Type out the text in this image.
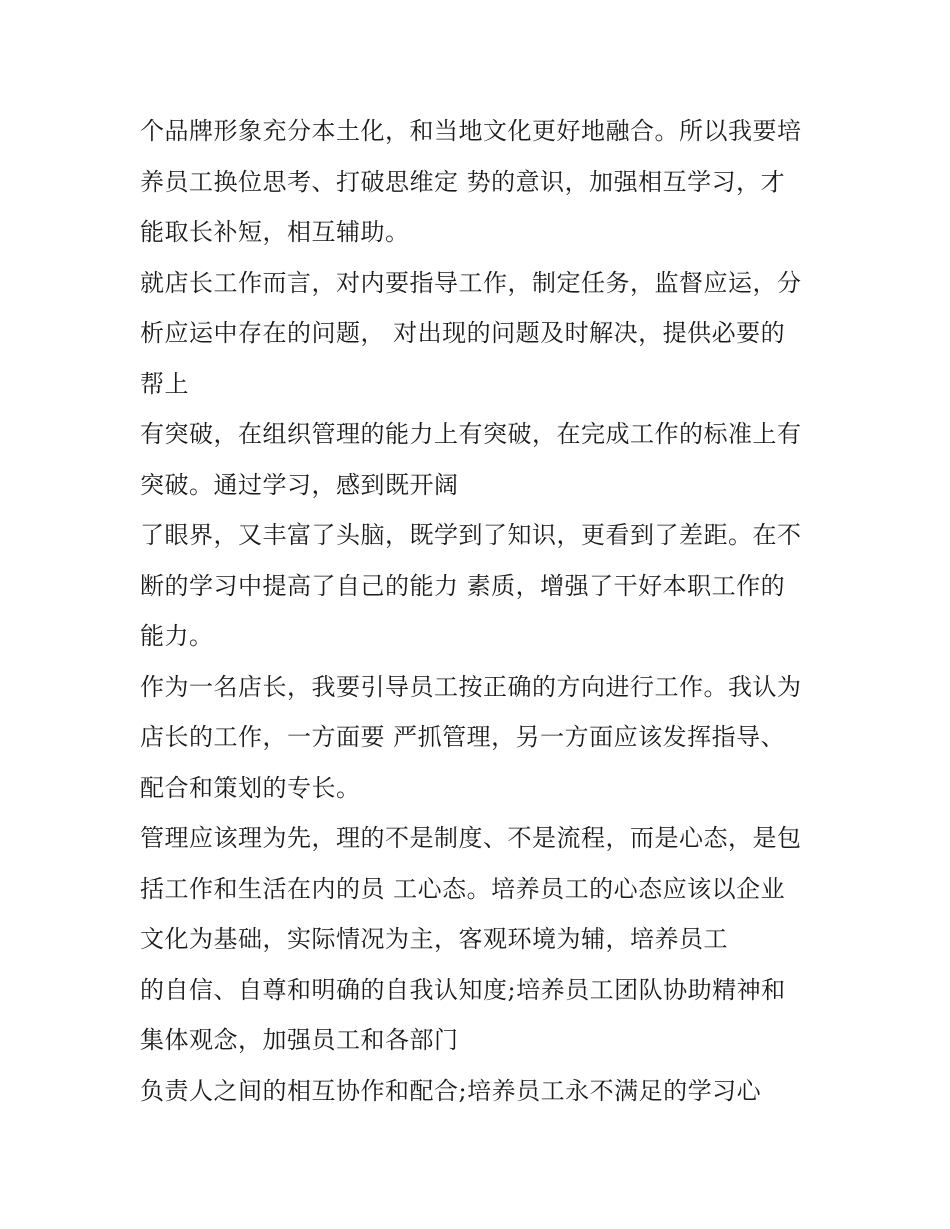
个品牌形象充分本土化，和当地文化更好地融合。所以我要培
养员工换位思考、打破思维定 势的意识，加强相互学习，才
能取长补短，相互辅助。
就店长工作而言，对内要指导工作，制定任务，监督应运，分
析应运中存在的问题， 对出现的问题及时解决，提供必要的
帮上
有突破，在组织管理的能力上有突破，在完成工作的标准上有
突破。通过学习，感到既开阔
了眼界，又丰富了头脑，既学到了知识，更看到了差距。在不
断的学习中提高了自己的能力 素质，增强了干好本职工作的
能力。
作为一名店长，我要引导员工按正确的方向进行工作。我认为
店长的工作，一方面要 严抓管理，另一方面应该发挥指导、
配合和策划的专长。
管理应该理为先，理的不是制度、不是流程，而是心态，是包
括工作和生活在内的员 工心态。培养员工的心态应该以企业
文化为基础，实际情况为主，客观环境为辅，培养员工
的自信、自尊和明确的自我认知度;培养员工团队协助精神和
集体观念，加强员工和各部门
负责人之间的相互协作和配合;培养员工永不满足的学习心
